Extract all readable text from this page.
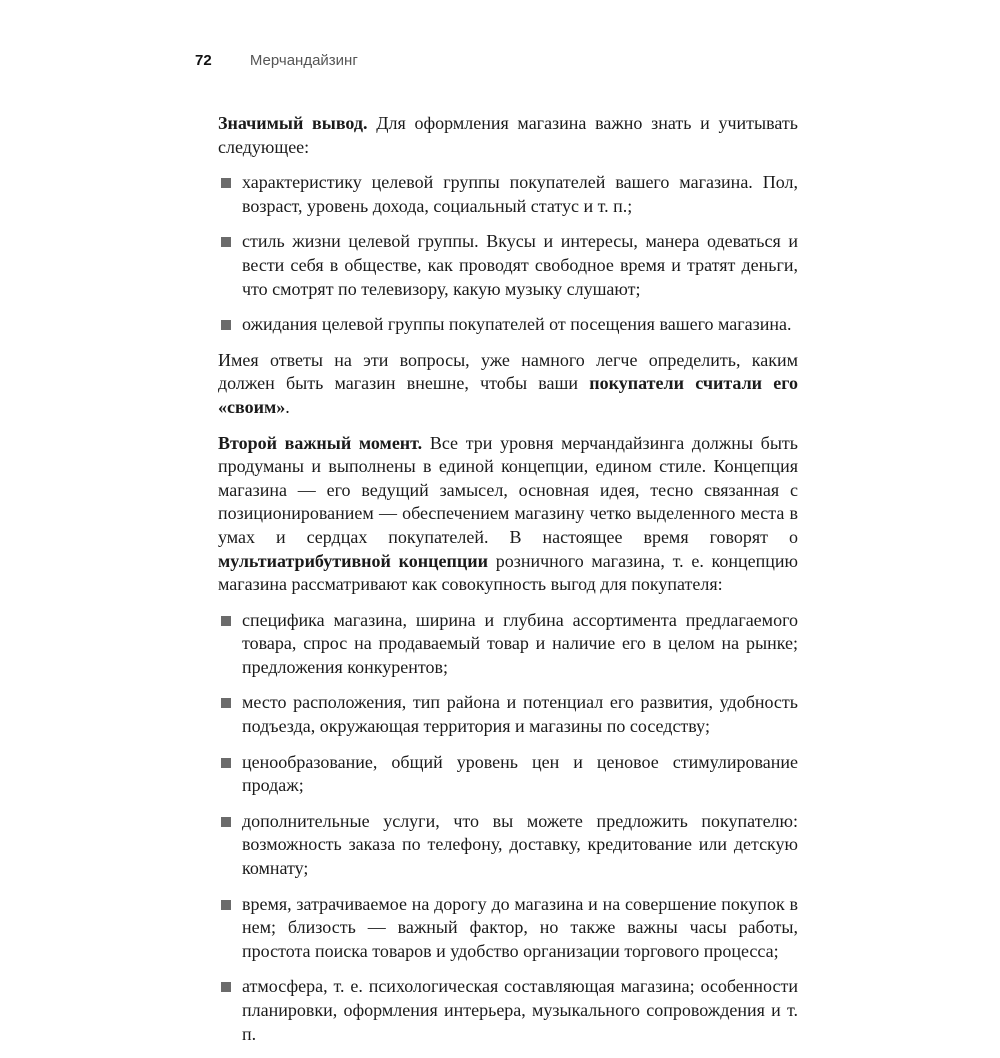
72	Мерчандайзинг

Значимый вывод. Для оформления магазина важно знать и учитывать следующее:

характеристику целевой группы покупателей вашего магазина. Пол, возраст, уровень дохода, социальный статус и т. п.;
стиль жизни целевой группы. Вкусы и интересы, манера одеваться и вести себя в обществе, как проводят свободное время и тратят деньги, что смотрят по телевизору, какую музыку слушают;
ожидания целевой группы покупателей от посещения вашего магазина.

Имея ответы на эти вопросы, уже намного легче определить, каким должен быть магазин внешне, чтобы ваши покупатели считали его «своим».

Второй важный момент. Все три уровня мерчандайзинга должны быть продуманы и выполнены в единой концепции, едином стиле. Концепция магазина — его ведущий замысел, основная идея, тесно связанная с позиционированием — обеспечением магазину четко выделенного места в умах и сердцах покупателей. В настоящее время говорят о мультиатрибутивной концепции розничного магазина, т. е. концепцию магазина рассматривают как совокупность выгод для покупателя:

специфика магазина, ширина и глубина ассортимента предлагаемого товара, спрос на продаваемый товар и наличие его в целом на рынке; предложения конкурентов;
место расположения, тип района и потенциал его развития, удобность подъезда, окружающая территория и магазины по соседству;
ценообразование, общий уровень цен и ценовое стимулирование продаж;
дополнительные услуги, что вы можете предложить покупателю: возможность заказа по телефону, доставку, кредитование или детскую комнату;
время, затрачиваемое на дорогу до магазина и на совершение покупок в нем; близость — важный фактор, но также важны часы работы, простота поиска товаров и удобство организации торгового процесса;
атмосфера, т. е. психологическая составляющая магазина; особенности планировки, оформления интерьера, музыкального сопровождения и т. п.
